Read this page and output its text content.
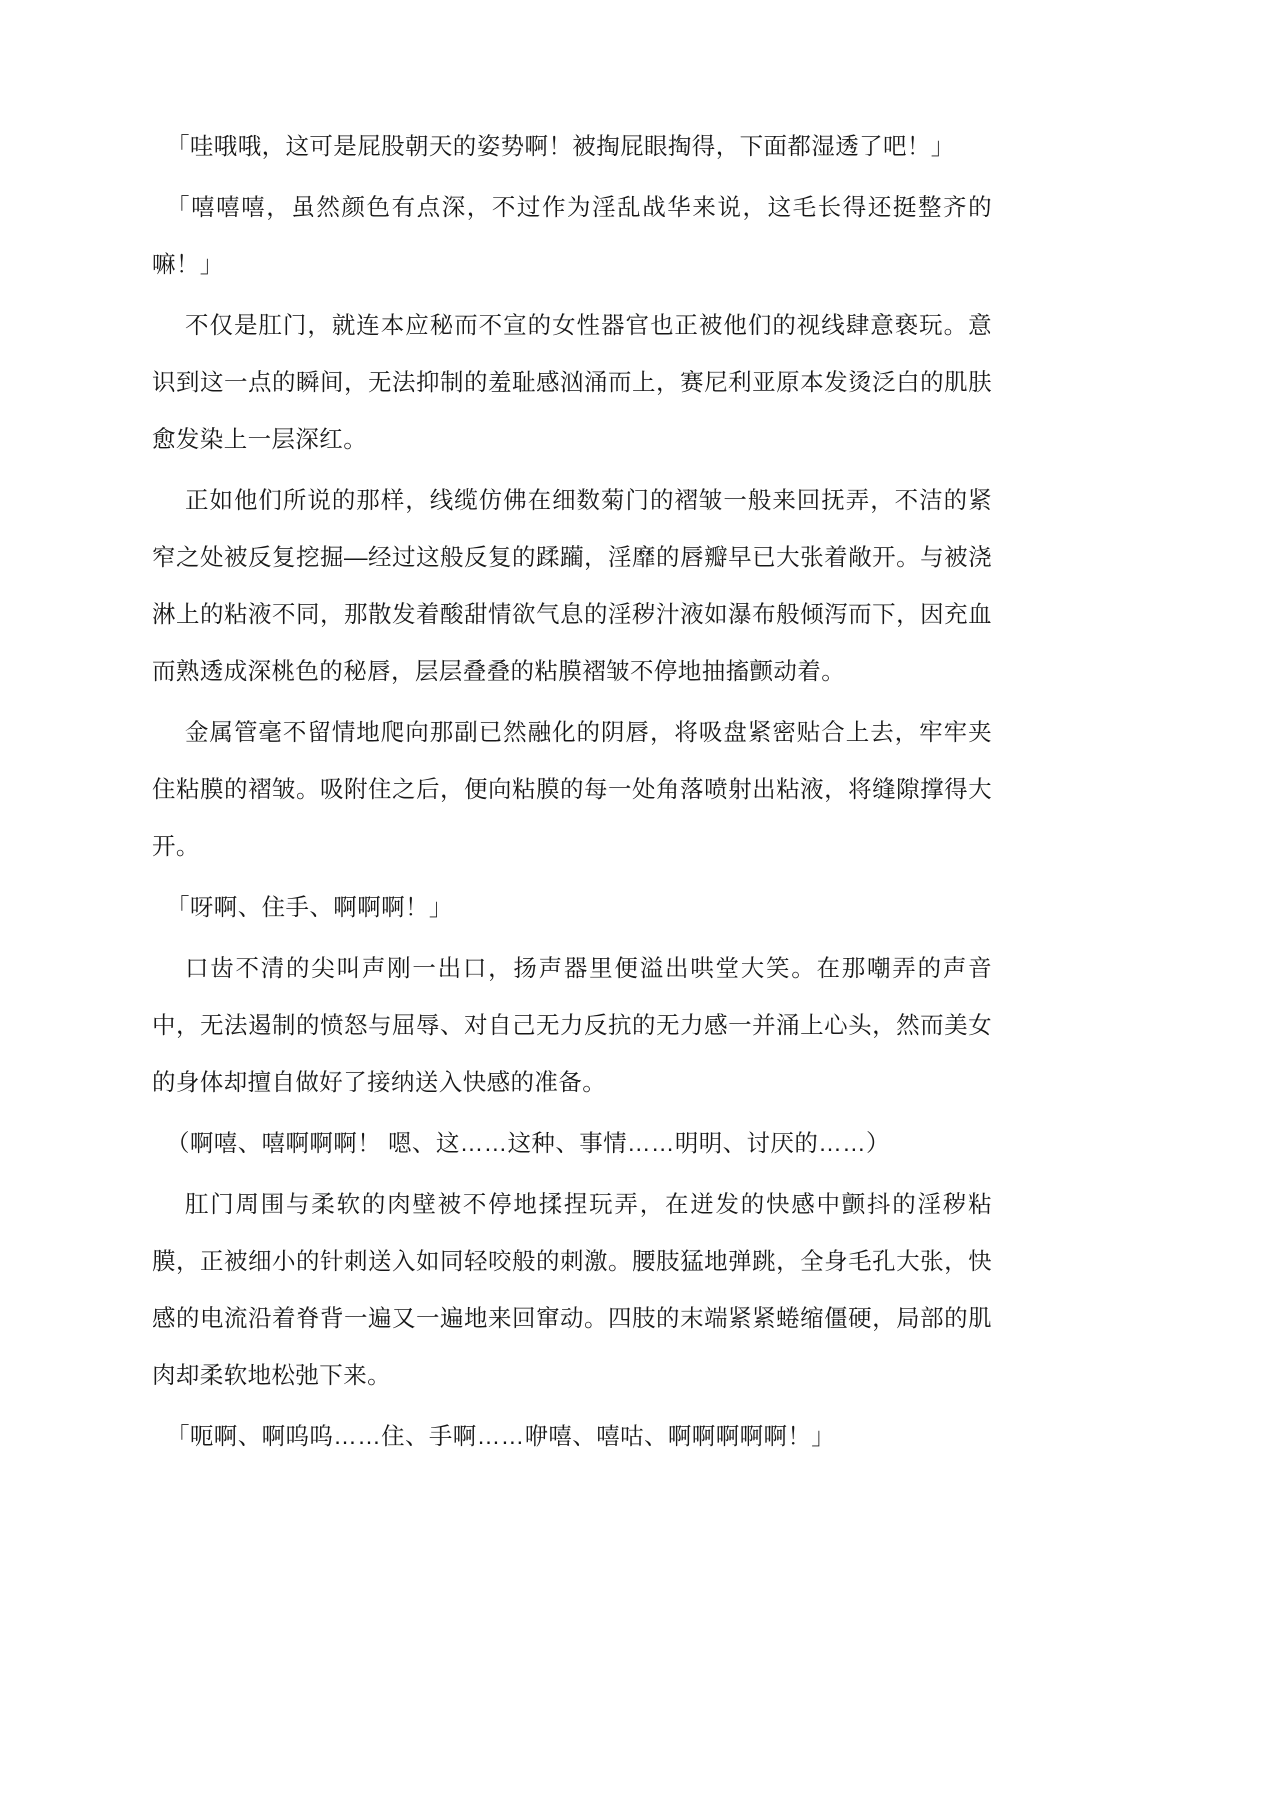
「哇哦哦，这可是屁股朝天的姿势啊！被掏屁眼掏得，下面都湿透了吧！」

「嘻嘻嘻，虽然颜色有点深，不过作为淫乱战华来说，这毛长得还挺整齐的嘛！」

不仅是肛门，就连本应秘而不宣的女性器官也正被他们的视线肆意亵玩。意识到这一点的瞬间，无法抑制的羞耻感汹涌而上，赛尼利亚原本发烫泛白的肌肤愈发染上一层深红。

正如他们所说的那样，线缆仿佛在细数菊门的褶皱一般来回抚弄，不洁的紧窄之处被反复挖掘—经过这般反复的蹂躏，淫靡的唇瓣早已大张着敞开。与被浇淋上的粘液不同，那散发着酸甜情欲气息的淫秽汁液如瀑布般倾泻而下，因充血而熟透成深桃色的秘唇，层层叠叠的粘膜褶皱不停地抽搐颤动着。

金属管毫不留情地爬向那副已然融化的阴唇，将吸盘紧密贴合上去，牢牢夹住粘膜的褶皱。吸附住之后，便向粘膜的每一处角落喷射出粘液，将缝隙撑得大开。

「呀啊、住手、啊啊啊！」

口齿不清的尖叫声刚一出口，扬声器里便溢出哄堂大笑。在那嘲弄的声音中，无法遏制的愤怒与屈辱、对自己无力反抗的无力感一并涌上心头，然而美女的身体却擅自做好了接纳送入快感的准备。

（啊嘻、嘻啊啊啊！ 嗯、这……这种、事情……明明、讨厌的……）

肛门周围与柔软的肉壁被不停地揉捏玩弄，在迸发的快感中颤抖的淫秽粘膜，正被细小的针刺送入如同轻咬般的刺激。腰肢猛地弹跳，全身毛孔大张，快感的电流沿着脊背一遍又一遍地来回窜动。四肢的末端紧紧蜷缩僵硬，局部的肌肉却柔软地松弛下来。

「呃啊、啊呜呜……住、手啊……咿嘻、嘻咕、啊啊啊啊啊！」
